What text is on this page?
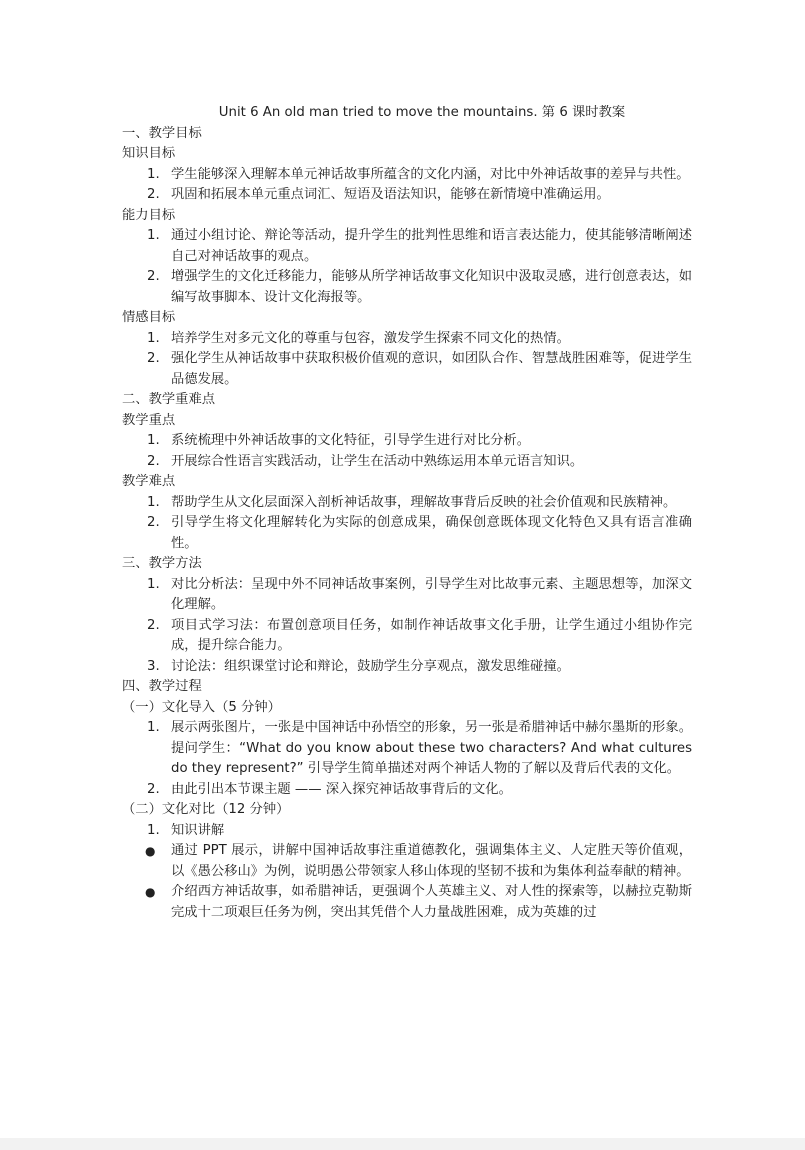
Unit 6 An old man tried to move the mountains. 第 6 课时教案
一、教学目标
知识目标
1. 学生能够深入理解本单元神话故事所蕴含的文化内涵，对比中外神话故事的差异与共性。
2. 巩固和拓展本单元重点词汇、短语及语法知识，能够在新情境中准确运用。
能力目标
1. 通过小组讨论、辩论等活动，提升学生的批判性思维和语言表达能力，使其能够清晰阐述自己对神话故事的观点。
2. 增强学生的文化迁移能力，能够从所学神话故事文化知识中汲取灵感，进行创意表达，如编写故事脚本、设计文化海报等。
情感目标
1. 培养学生对多元文化的尊重与包容，激发学生探索不同文化的热情。
2. 强化学生从神话故事中获取积极价值观的意识，如团队合作、智慧战胜困难等，促进学生品德发展。
二、教学重难点
教学重点
1. 系统梳理中外神话故事的文化特征，引导学生进行对比分析。
2. 开展综合性语言实践活动，让学生在活动中熟练运用本单元语言知识。
教学难点
1. 帮助学生从文化层面深入剖析神话故事，理解故事背后反映的社会价值观和民族精神。
2. 引导学生将文化理解转化为实际的创意成果，确保创意既体现文化特色又具有语言准确性。
三、教学方法
1. 对比分析法：呈现中外不同神话故事案例，引导学生对比故事元素、主题思想等，加深文化理解。
2. 项目式学习法：布置创意项目任务，如制作神话故事文化手册，让学生通过小组协作完成，提升综合能力。
3. 讨论法：组织课堂讨论和辩论，鼓励学生分享观点，激发思维碰撞。
四、教学过程
（一）文化导入（5 分钟）
1. 展示两张图片，一张是中国神话中孙悟空的形象，另一张是希腊神话中赫尔墨斯的形象。提问学生：“What do you know about these two characters? And what cultures do they represent?” 引导学生简单描述对两个神话人物的了解以及背后代表的文化。
2. 由此引出本节课主题 —— 深入探究神话故事背后的文化。
（二）文化对比（12 分钟）
1. 知识讲解
● 通过 PPT 展示，讲解中国神话故事注重道德教化，强调集体主义、人定胜天等价值观，以《愚公移山》为例，说明愚公带领家人移山体现的坚韧不拔和为集体利益奉献的精神。
● 介绍西方神话故事，如希腊神话，更强调个人英雄主义、对人性的探索等，以赫拉克勒斯完成十二项艰巨任务为例，突出其凭借个人力量战胜困难，成为英雄的过
